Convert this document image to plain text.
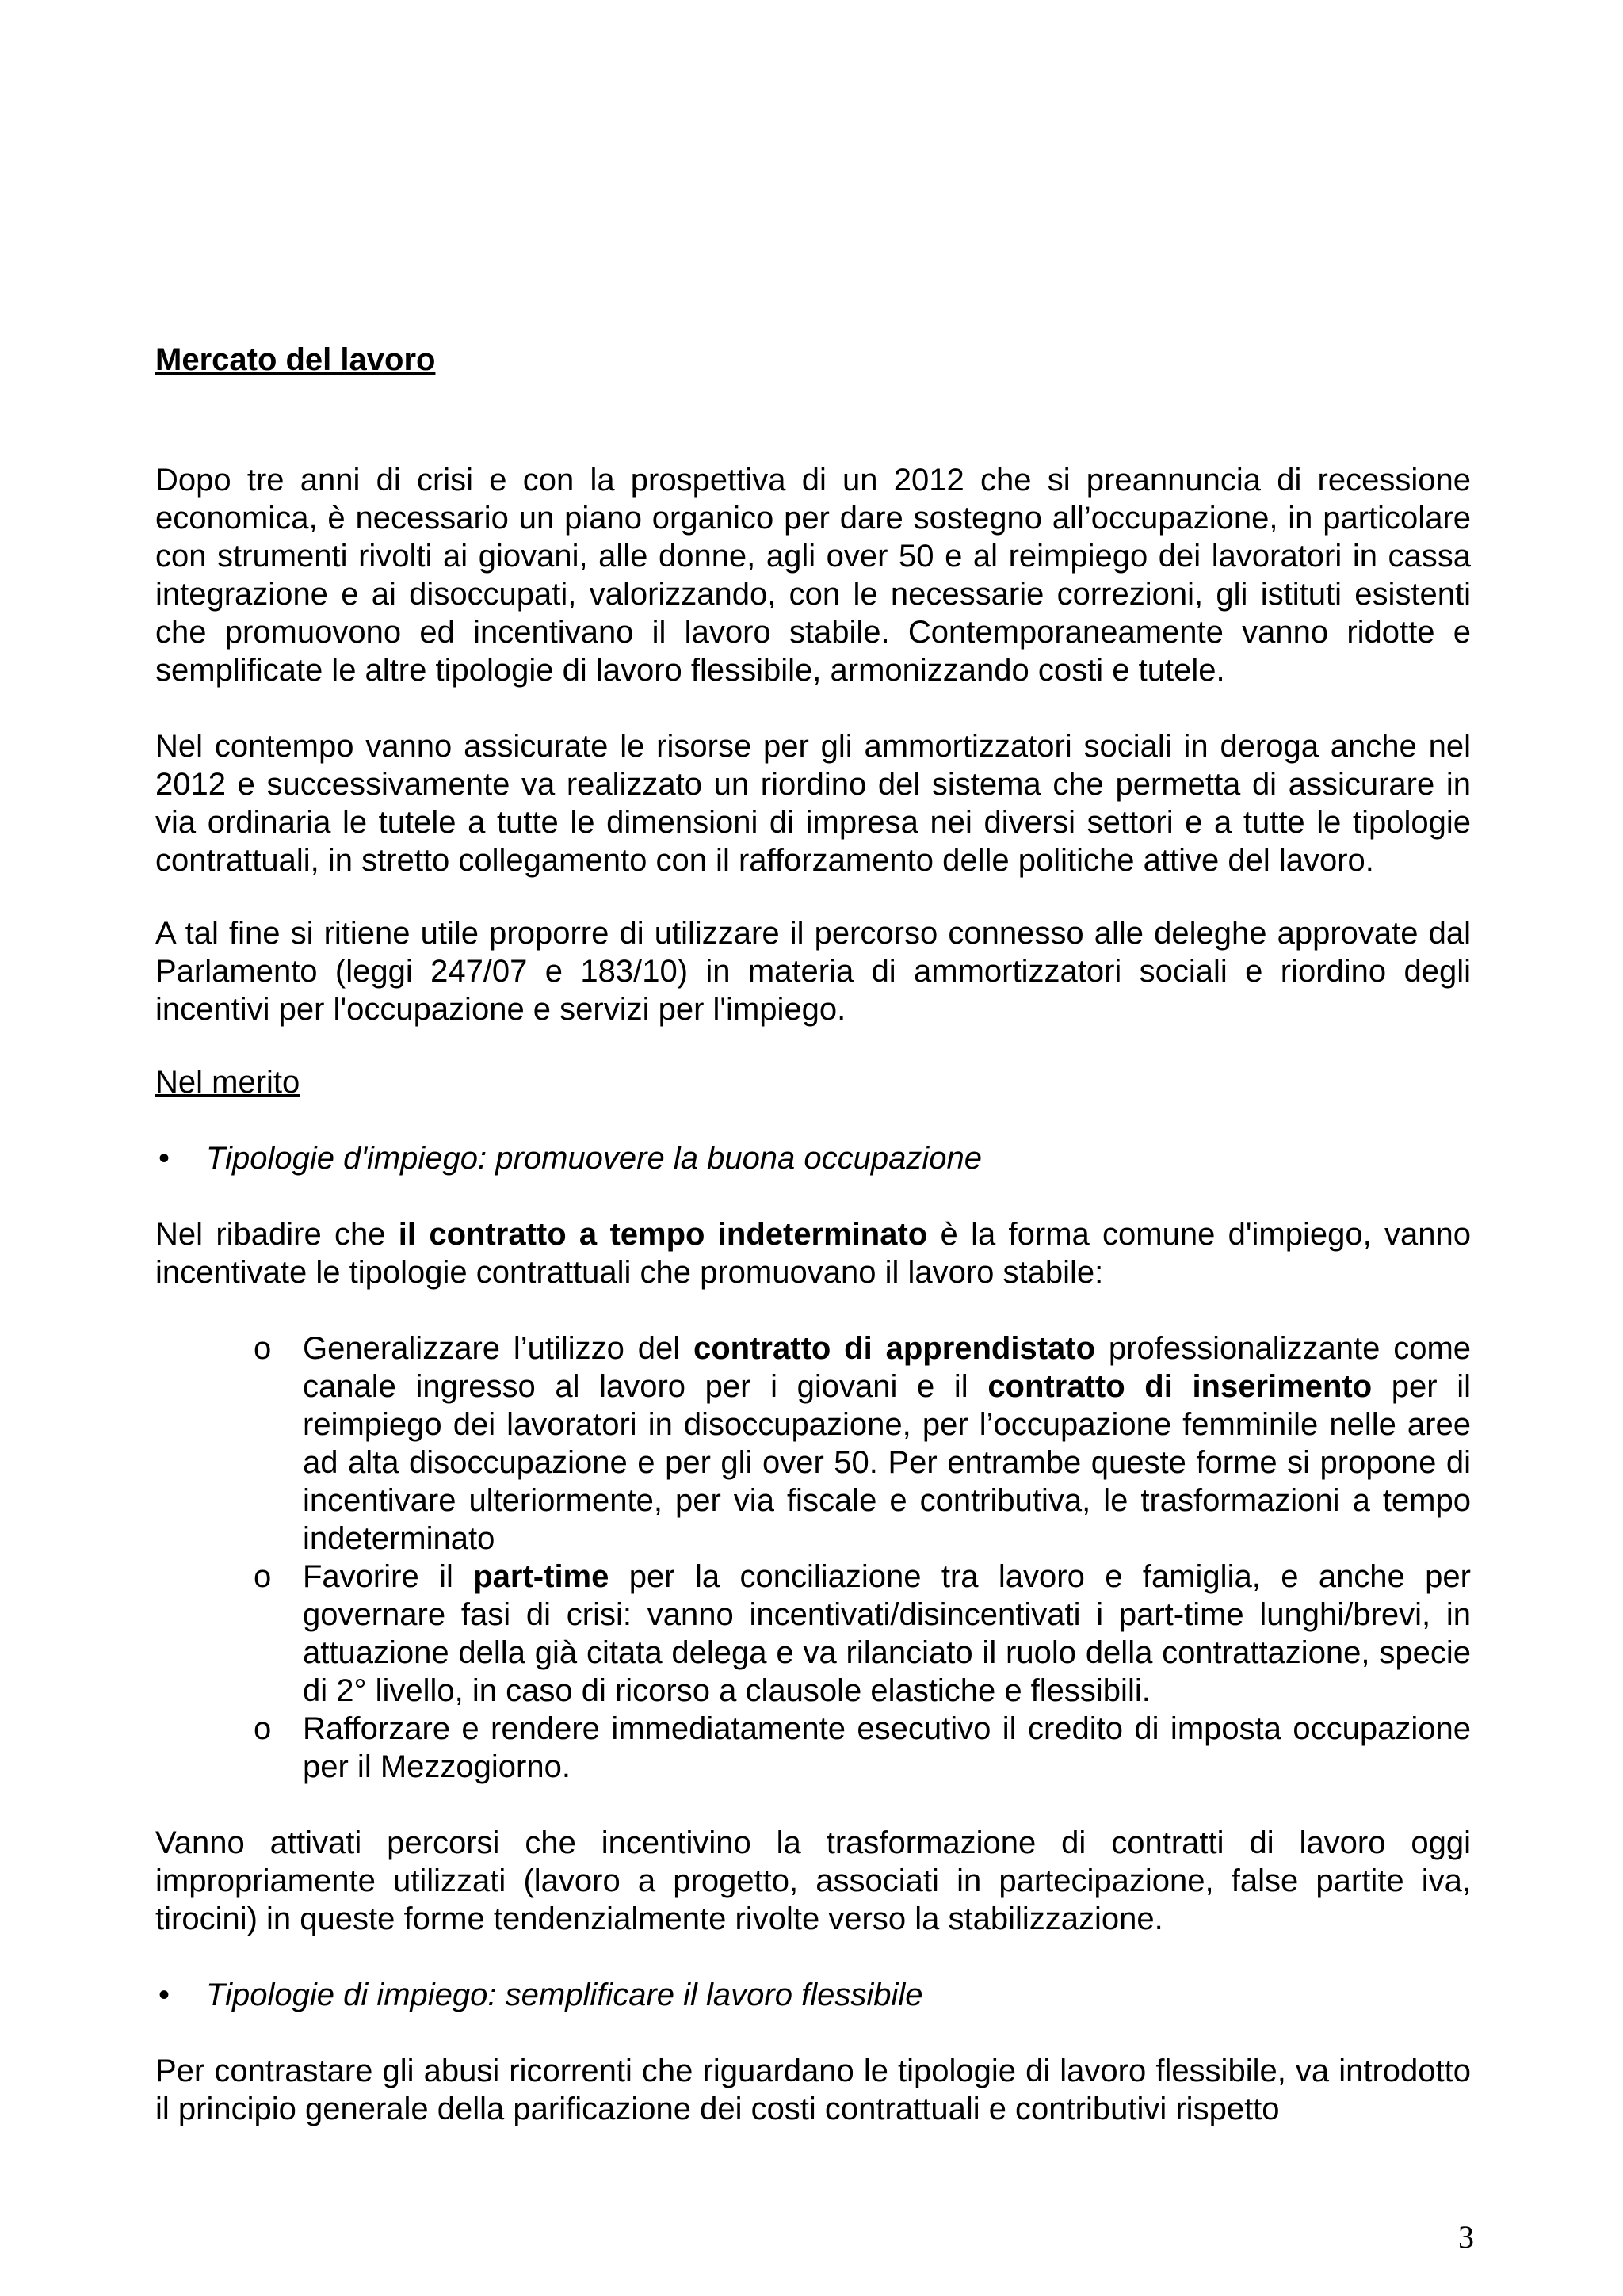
Mercato del lavoro
Dopo tre anni di crisi e con la prospettiva di un 2012 che si preannuncia di recessione economica, è necessario un piano organico per dare sostegno all’occupazione, in particolare con strumenti rivolti ai giovani, alle donne, agli over 50 e al reimpiego dei lavoratori in cassa integrazione e ai disoccupati, valorizzando, con le necessarie correzioni, gli istituti esistenti che promuovono ed incentivano il lavoro stabile. Contemporaneamente vanno ridotte e semplificate le altre tipologie di lavoro flessibile, armonizzando costi e tutele.
Nel contempo vanno assicurate le risorse per gli ammortizzatori sociali in deroga anche nel 2012 e successivamente va realizzato un riordino del sistema che permetta di assicurare in via ordinaria le tutele a tutte le dimensioni di impresa nei diversi settori e a tutte le tipologie contrattuali, in stretto collegamento con il rafforzamento delle politiche attive del lavoro.
A tal fine si ritiene utile proporre di utilizzare il percorso connesso alle deleghe approvate dal Parlamento (leggi 247/07 e 183/10) in materia di ammortizzatori sociali e riordino degli incentivi per l'occupazione e servizi per l'impiego.
Nel merito
• Tipologie d'impiego: promuovere la buona occupazione
Nel ribadire che il contratto a tempo indeterminato è la forma comune d'impiego, vanno incentivate le tipologie contrattuali che promuovano il lavoro stabile:
o Generalizzare l’utilizzo del contratto di apprendistato professionalizzante come canale ingresso al lavoro per i giovani e il contratto di inserimento per il reimpiego dei lavoratori in disoccupazione, per l’occupazione femminile nelle aree ad alta disoccupazione e per gli over 50. Per entrambe queste forme si propone di incentivare ulteriormente, per via fiscale e contributiva, le trasformazioni a tempo indeterminato
o Favorire il part-time per la conciliazione tra lavoro e famiglia, e anche per governare fasi di crisi: vanno incentivati/disincentivati i part-time lunghi/brevi, in attuazione della già citata delega e va rilanciato il ruolo della contrattazione, specie di 2° livello, in caso di ricorso a clausole elastiche e flessibili.
o Rafforzare e rendere immediatamente esecutivo il credito di imposta occupazione per il Mezzogiorno.
Vanno attivati percorsi che incentivino la trasformazione di contratti di lavoro oggi impropriamente utilizzati (lavoro a progetto, associati in partecipazione, false partite iva, tirocini) in queste forme tendenzialmente rivolte verso la stabilizzazione.
• Tipologie di impiego: semplificare il lavoro flessibile
Per contrastare gli abusi ricorrenti che riguardano le tipologie di lavoro flessibile, va introdotto il principio generale della parificazione dei costi contrattuali e contributivi rispetto
3
